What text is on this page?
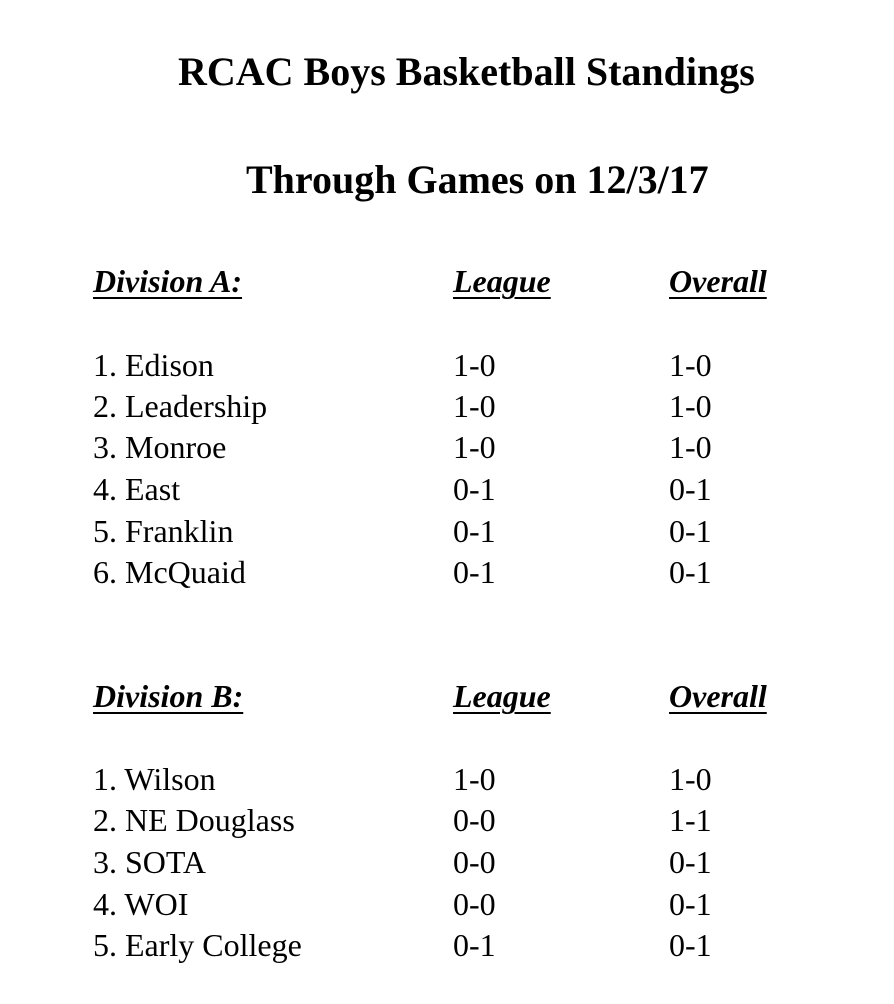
RCAC Boys Basketball Standings
Through Games on 12/3/17
Division A:	League	Overall
1. Edison	1-0	1-0
2. Leadership	1-0	1-0
3. Monroe	1-0	1-0
4. East	0-1	0-1
5. Franklin	0-1	0-1
6. McQuaid	0-1	0-1
Division B:	League	Overall
1. Wilson	1-0	1-0
2. NE Douglass	0-0	1-1
3. SOTA	0-0	0-1
4. WOI	0-0	0-1
5. Early College	0-1	0-1
